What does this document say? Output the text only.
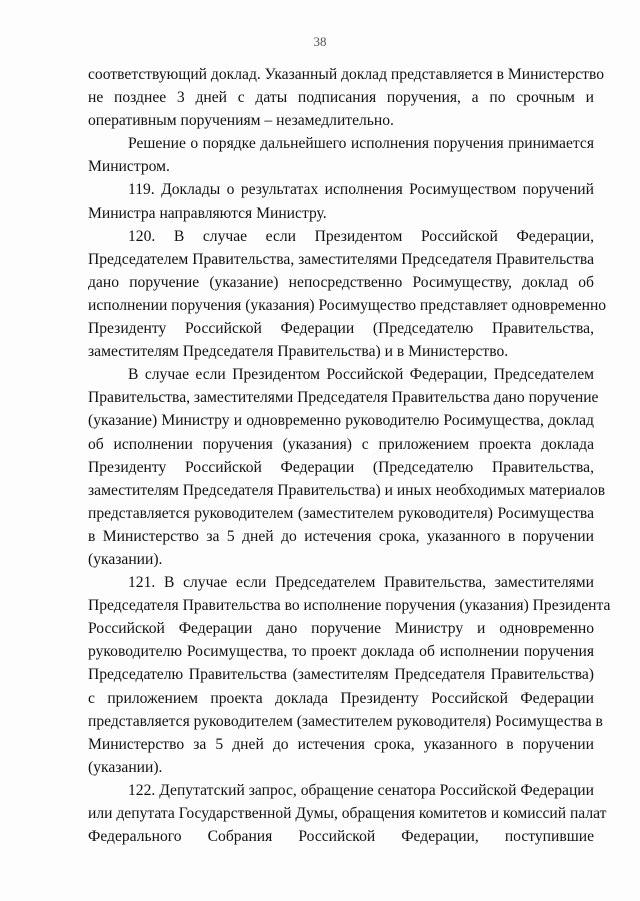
38

соответствующий доклад. Указанный доклад представляется в Министерство
не позднее 3 дней с даты подписания поручения, а по срочным и
оперативным поручениям – незамедлительно.

Решение о порядке дальнейшего исполнения поручения принимается
Министром.

119. Доклады о результатах исполнения Росимуществом поручений
Министра направляются Министру.

120. В случае если Президентом Российской Федерации,
Председателем Правительства, заместителями Председателя Правительства
дано поручение (указание) непосредственно Росимуществу, доклад об
исполнении поручения (указания) Росимущество представляет одновременно
Президенту Российской Федерации (Председателю Правительства,
заместителям Председателя Правительства) и в Министерство.

В случае если Президентом Российской Федерации, Председателем
Правительства, заместителями Председателя Правительства дано поручение
(указание) Министру и одновременно руководителю Росимущества, доклад
об исполнении поручения (указания) с приложением проекта доклада
Президенту Российской Федерации (Председателю Правительства,
заместителям Председателя Правительства) и иных необходимых материалов
представляется руководителем (заместителем руководителя) Росимущества
в Министерство за 5 дней до истечения срока, указанного в поручении
(указании).

121. В случае если Председателем Правительства, заместителями
Председателя Правительства во исполнение поручения (указания) Президента
Российской Федерации дано поручение Министру и одновременно
руководителю Росимущества, то проект доклада об исполнении поручения
Председателю Правительства (заместителям Председателя Правительства)
с приложением проекта доклада Президенту Российской Федерации
представляется руководителем (заместителем руководителя) Росимущества в
Министерство за 5 дней до истечения срока, указанного в поручении
(указании).

122. Депутатский запрос, обращение сенатора Российской Федерации
или депутата Государственной Думы, обращения комитетов и комиссий палат
Федерального Собрания Российской Федерации, поступившие
